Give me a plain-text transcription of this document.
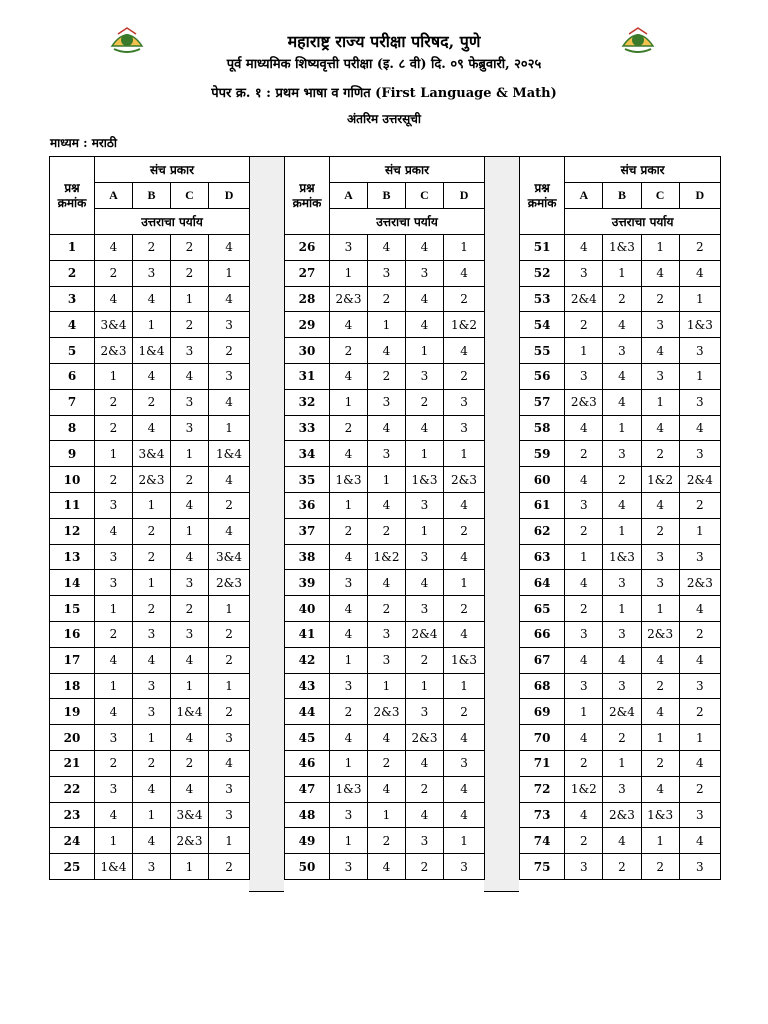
महाराष्ट्र राज्य परीक्षा परिषद, पुणे
पूर्व माध्यमिक शिष्यवृत्ती परीक्षा (इ. ८ वी) दि. ०९ फेब्रुवारी, २०२५
पेपर क्र. १ : प्रथम भाषा व गणित (First Language & Math)
अंतरिम उत्तरसूची
माध्यम : मराठी
प्रश्न
क्रमांक	संच प्रकार			
	A	B	C	D
	उत्तराचा पर्याय			
1	4	2	2	4
2	2	3	2	1
3	4	4	1	4
4	3&4	1	2	3
5	2&3	1&4	3	2
6	1	4	4	3
7	2	2	3	4
8	2	4	3	1
9	1	3&4	1	1&4
10	2	2&3	2	4
11	3	1	4	2
12	4	2	1	4
13	3	2	4	3&4
14	3	1	3	2&3
15	1	2	2	1
16	2	3	3	2
17	4	4	4	2
18	1	3	1	1
19	4	3	1&4	2
20	3	1	4	3
21	2	2	2	4
22	3	4	4	3
23	4	1	3&4	3
24	1	4	2&3	1
25	1&4	3	1	2
प्रश्न
क्रमांक	संच प्रकार			
	A	B	C	D
	उत्तराचा पर्याय			
26	3	4	4	1
27	1	3	3	4
28	2&3	2	4	2
29	4	1	4	1&2
30	2	4	1	4
31	4	2	3	2
32	1	3	2	3
33	2	4	4	3
34	4	3	1	1
35	1&3	1	1&3	2&3
36	1	4	3	4
37	2	2	1	2
38	4	1&2	3	4
39	3	4	4	1
40	4	2	3	2
41	4	3	2&4	4
42	1	3	2	1&3
43	3	1	1	1
44	2	2&3	3	2
45	4	4	2&3	4
46	1	2	4	3
47	1&3	4	2	4
48	3	1	4	4
49	1	2	3	1
50	3	4	2	3
प्रश्न
क्रमांक	संच प्रकार			
	A	B	C	D
	उत्तराचा पर्याय			
51	4	1&3	1	2
52	3	1	4	4
53	2&4	2	2	1
54	2	4	3	1&3
55	1	3	4	3
56	3	4	3	1
57	2&3	4	1	3
58	4	1	4	4
59	2	3	2	3
60	4	2	1&2	2&4
61	3	4	4	2
62	2	1	2	1
63	1	1&3	3	3
64	4	3	3	2&3
65	2	1	1	4
66	3	3	2&3	2
67	4	4	4	4
68	3	3	2	3
69	1	2&4	4	2
70	4	2	1	1
71	2	1	2	4
72	1&2	3	4	2
73	4	2&3	1&3	3
74	2	4	1	4
75	3	2	2	3
